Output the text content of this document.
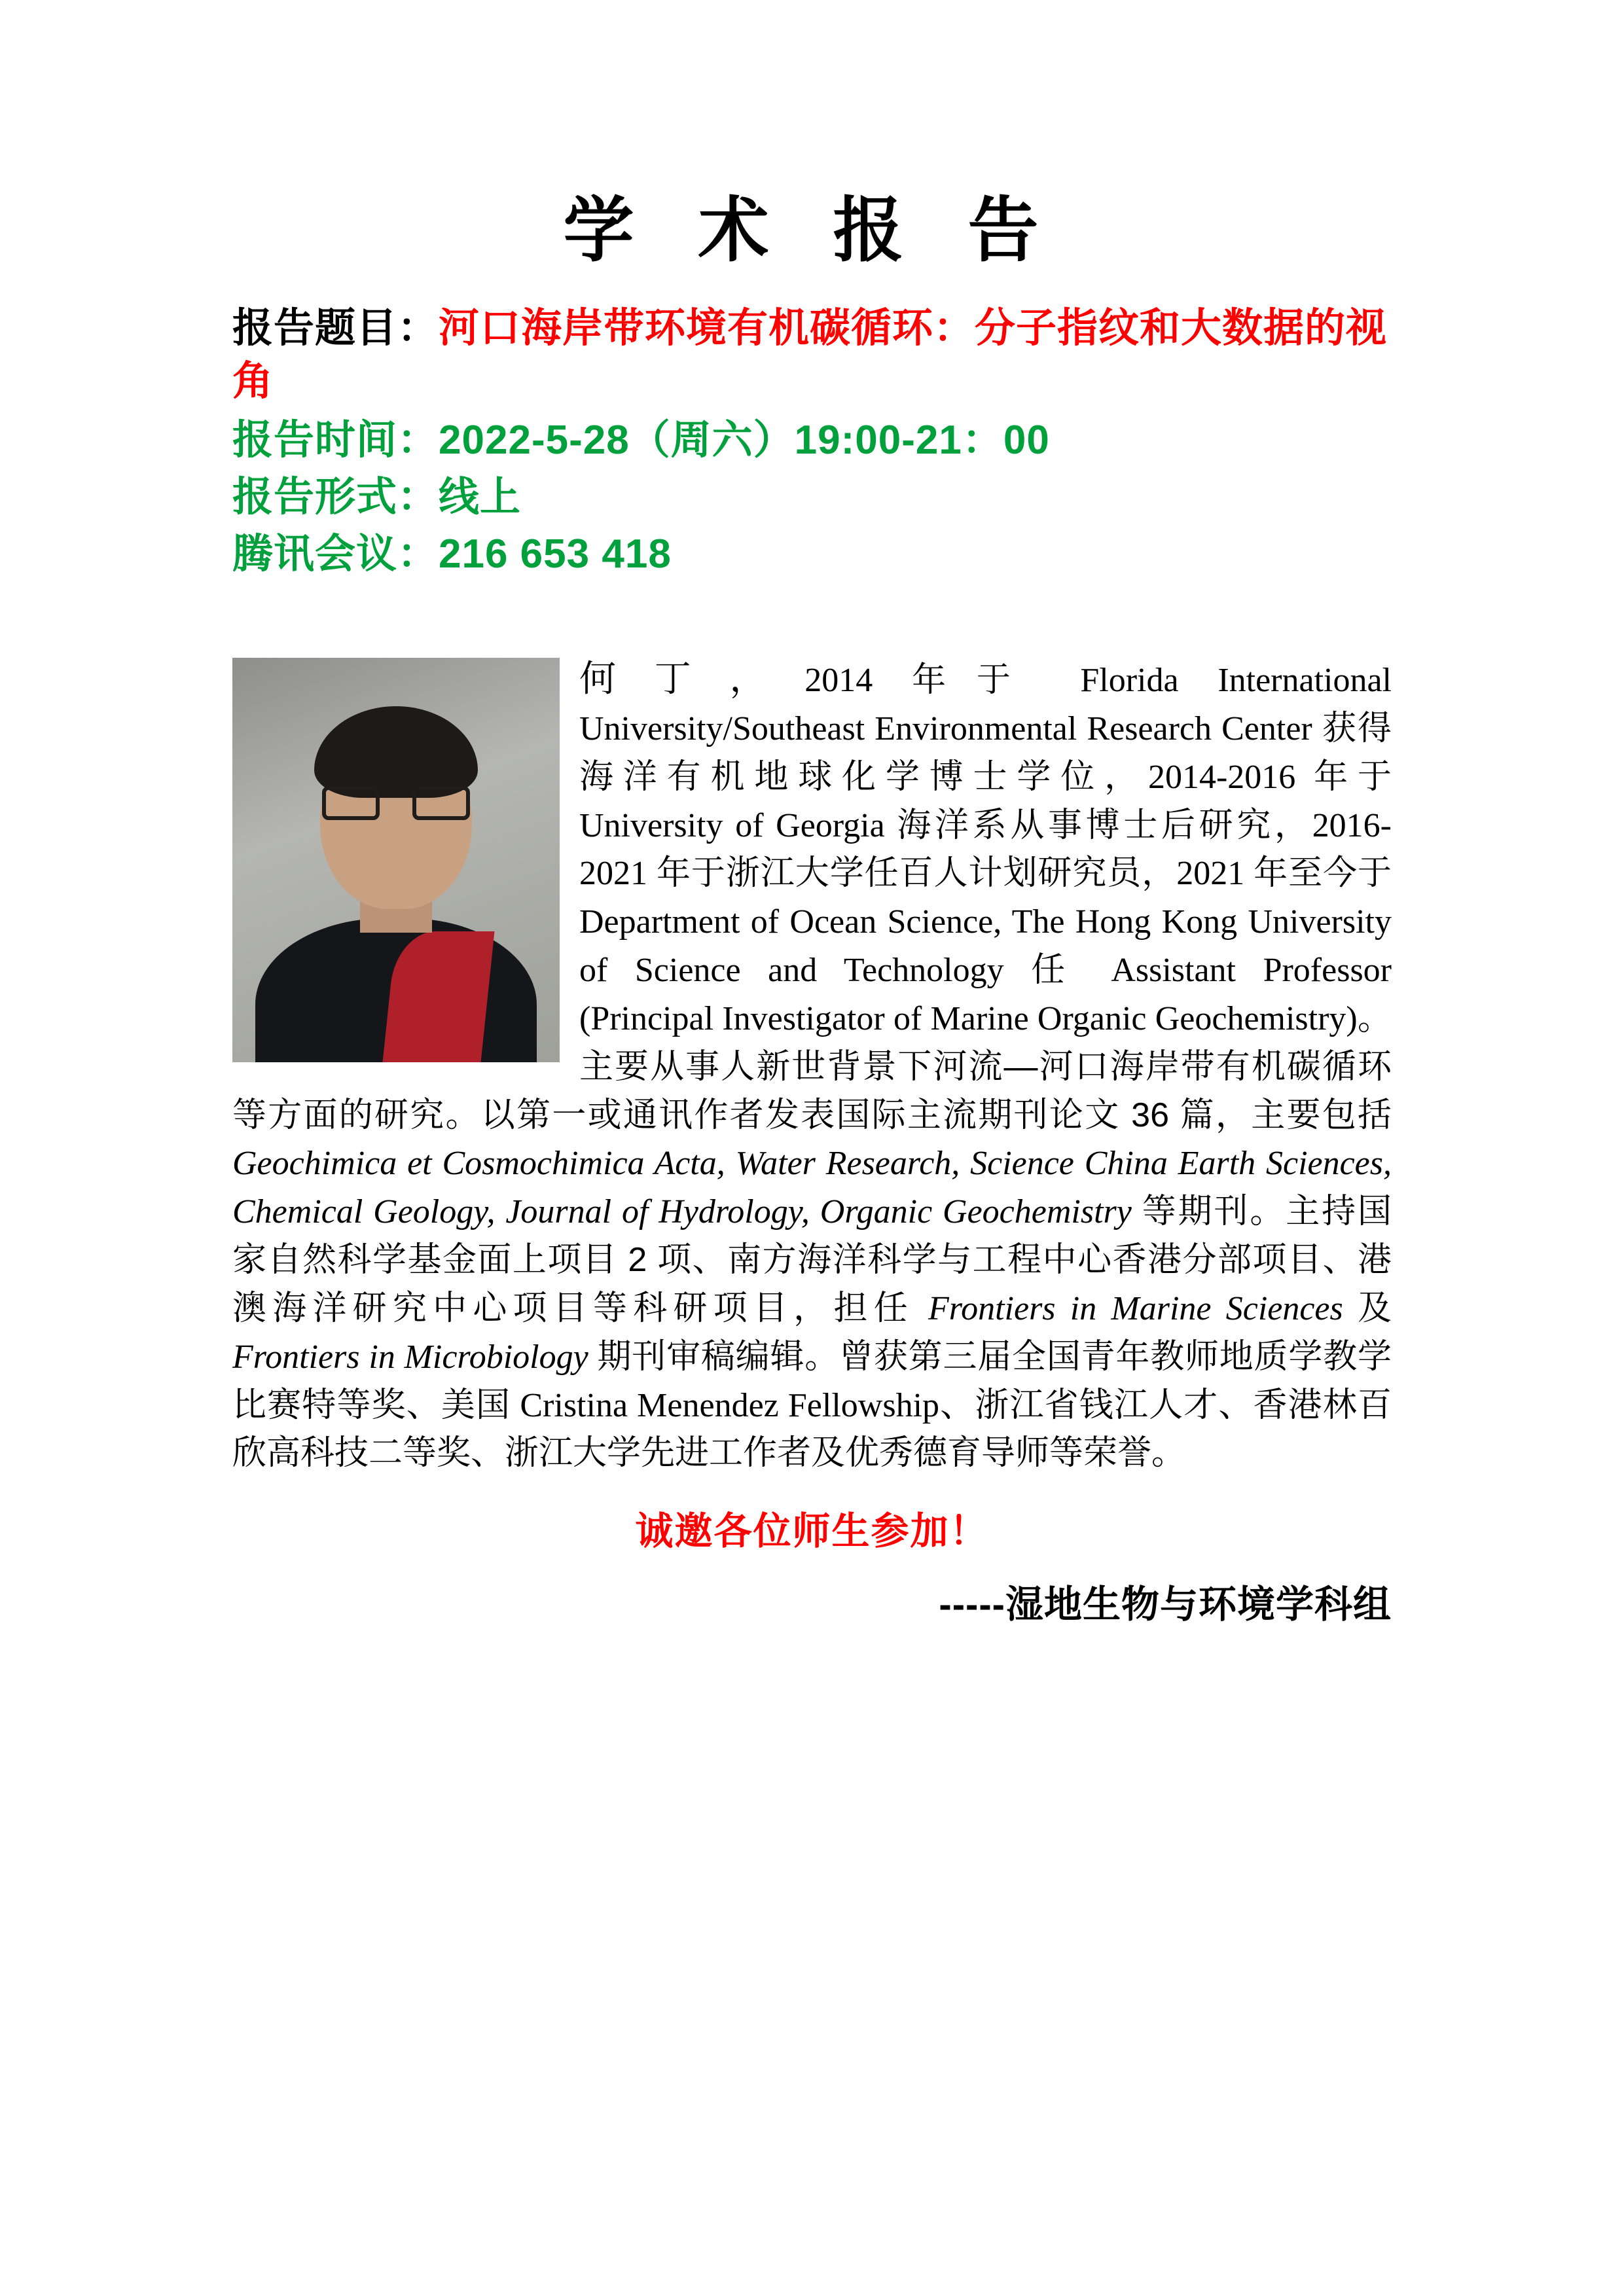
学 术 报 告

报告题目：河口海岸带环境有机碳循环：分子指纹和大数据的视角

报告时间：2022-5-28（周六）19:00-21：00

报告形式：线上

腾讯会议：216 653 418

何丁，2014 年于 Florida International University/Southeast Environmental Research Center 获得海洋有机地球化学博士学位，2014-2016 年于 University of Georgia 海洋系从事博士后研究，2016-2021 年于浙江大学任百人计划研究员，2021 年至今于 Department of Ocean Science, The Hong Kong University of Science and Technology 任 Assistant Professor (Principal Investigator of Marine Organic Geochemistry)。主要从事人新世背景下河流—河口海岸带有机碳循环等方面的研究。以第一或通讯作者发表国际主流期刊论文 36 篇，主要包括 Geochimica et Cosmochimica Acta, Water Research, Science China Earth Sciences, Chemical Geology, Journal of Hydrology, Organic Geochemistry 等期刊。主持国家自然科学基金面上项目 2 项、南方海洋科学与工程中心香港分部项目、港澳海洋研究中心项目等科研项目，担任 Frontiers in Marine Sciences 及 Frontiers in Microbiology 期刊审稿编辑。曾获第三届全国青年教师地质学教学比赛特等奖、美国 Cristina Menendez Fellowship、浙江省钱江人才、香港林百欣高科技二等奖、浙江大学先进工作者及优秀德育导师等荣誉。
诚邀各位师生参加！
-----湿地生物与环境学科组
